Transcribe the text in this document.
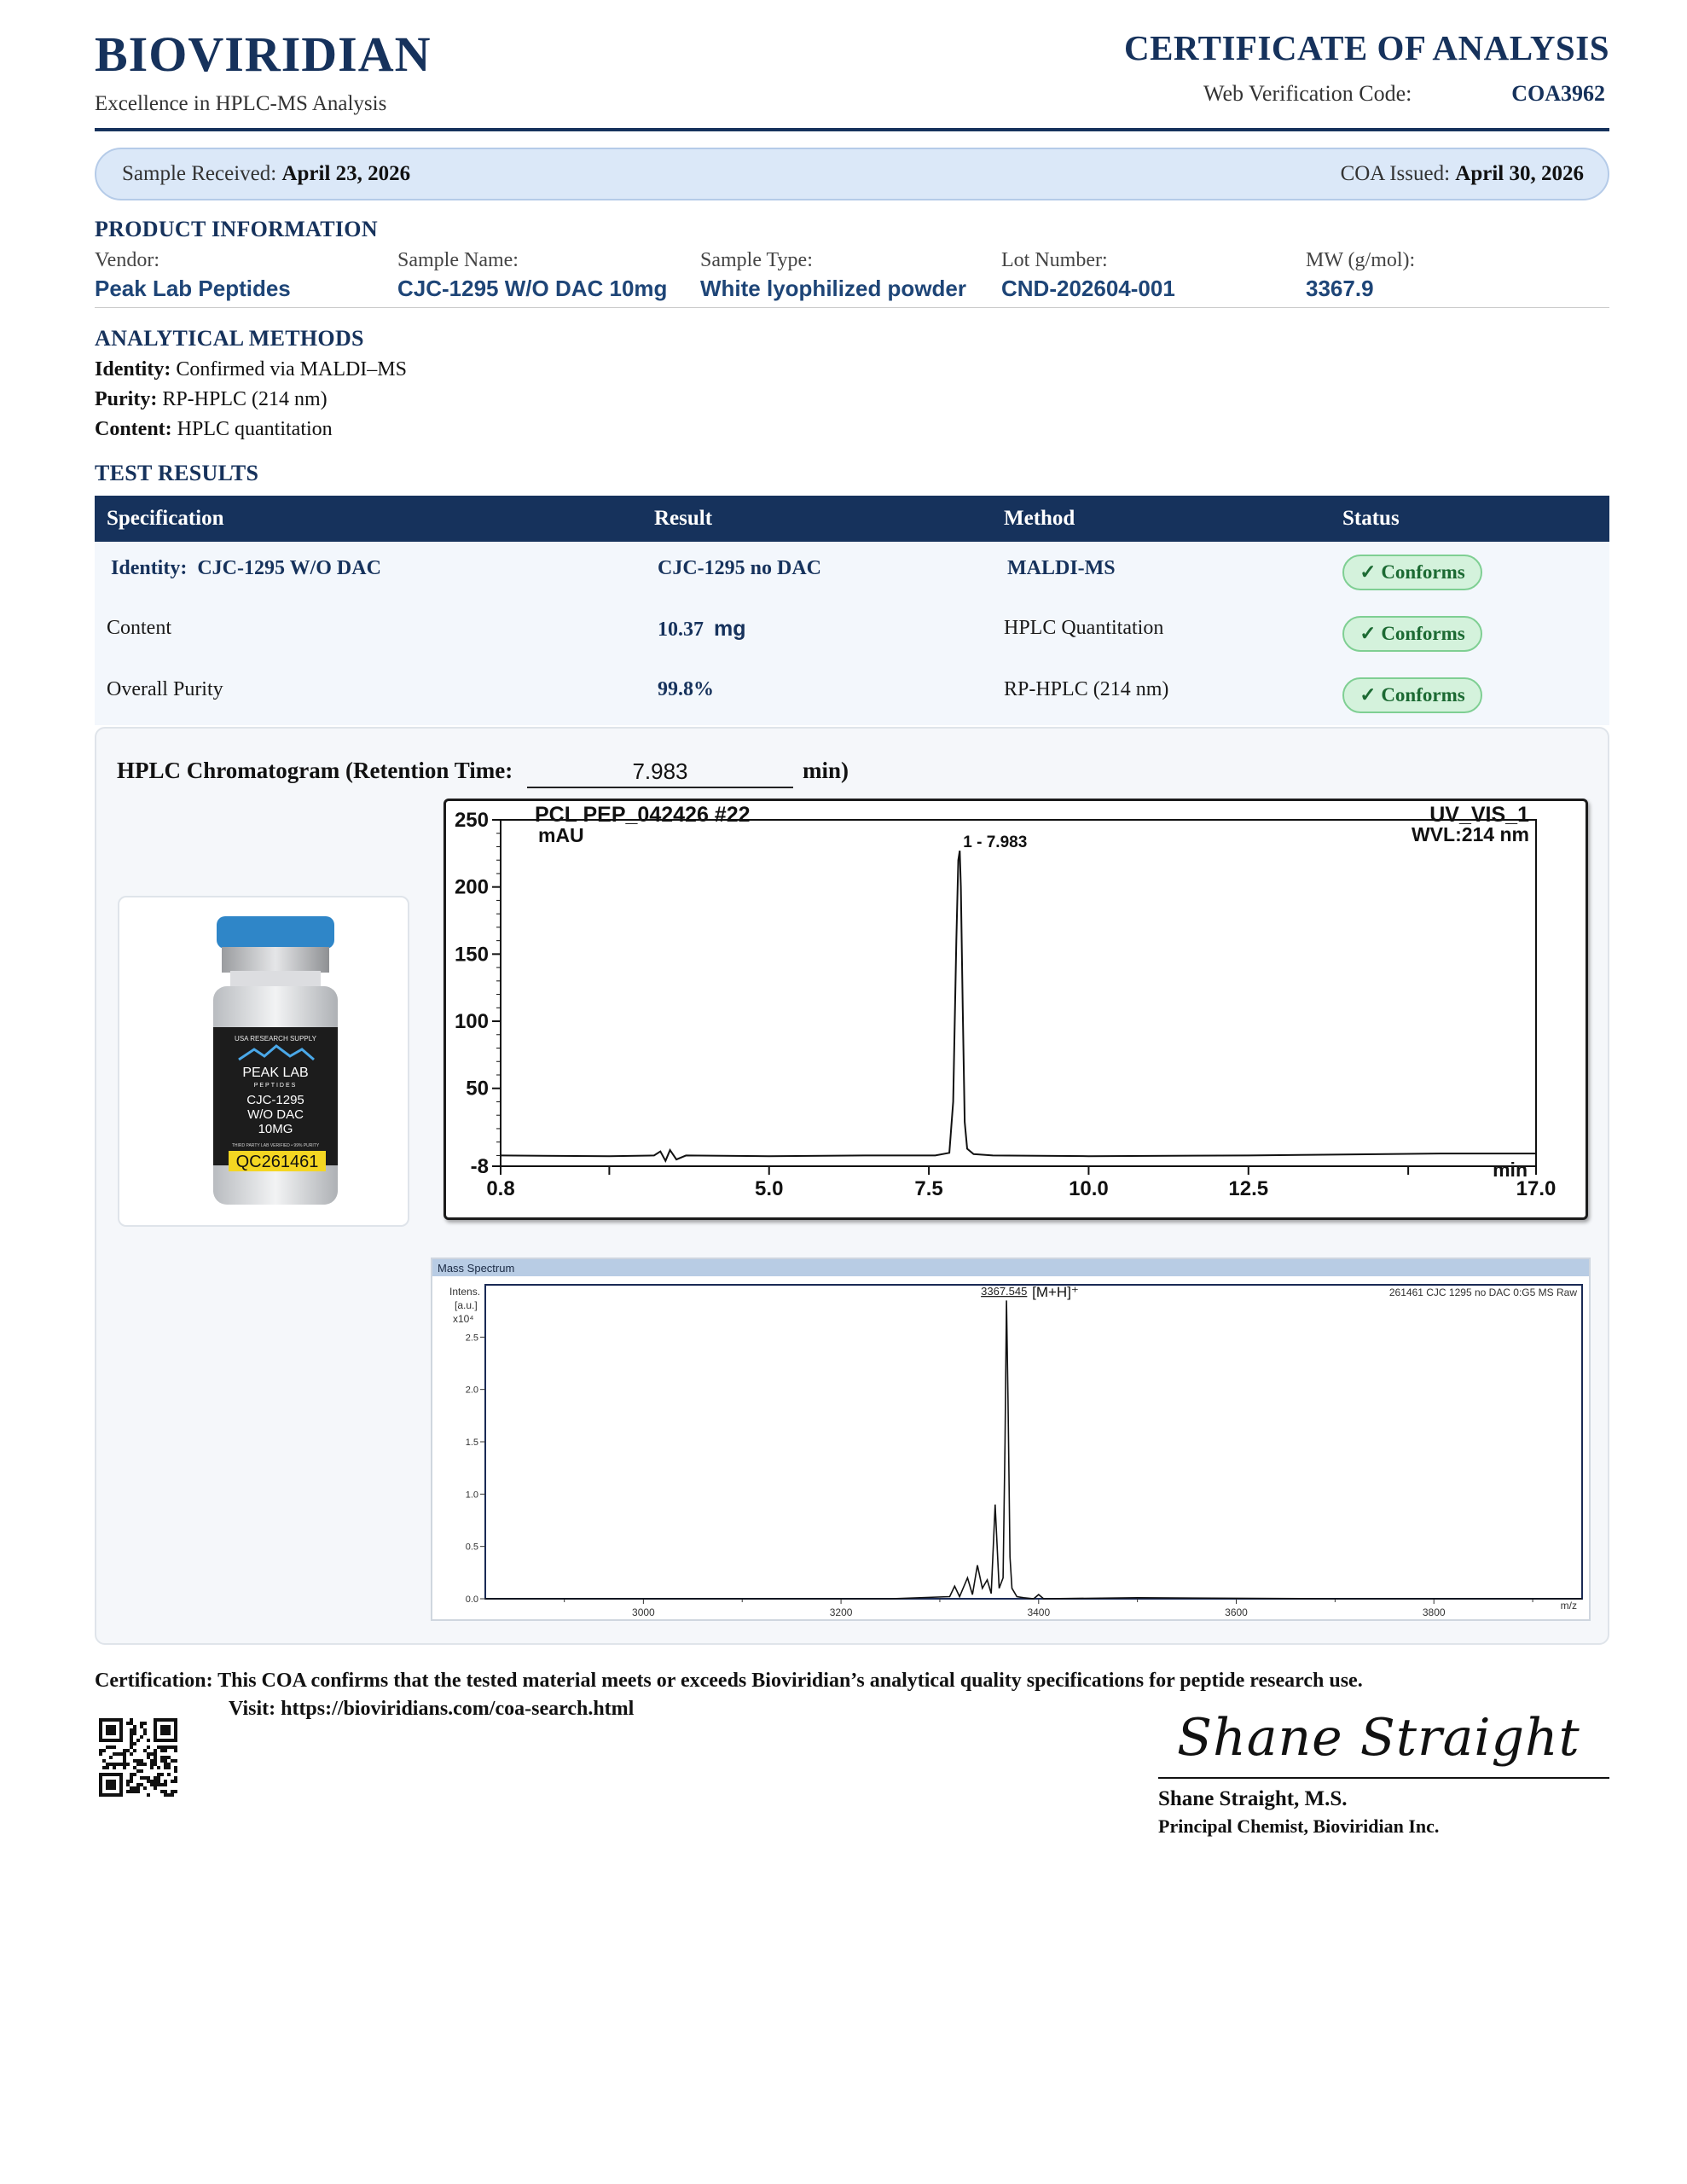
BIOVIRIDIAN
Excellence in HPLC-MS Analysis
CERTIFICATE OF ANALYSIS
Web Verification Code:	COA3962
Sample Received: April 23, 2026	COA Issued: April 30, 2026
PRODUCT INFORMATION
Vendor:
Peak Lab Peptides
Sample Name:
CJC-1295 W/O DAC 10mg
Sample Type:
White lyophilized powder
Lot Number:
CND-202604-001
MW (g/mol):
3367.9
ANALYTICAL METHODS
Identity: Confirmed via MALDI–MS
Purity: RP-HPLC (214 nm)
Content: HPLC quantitation
TEST RESULTS
Specification	Result	Method	Status
Identity: CJC-1295 W/O DAC	CJC-1295 no DAC	MALDI-MS	✓ Conforms
Content	10.37 mg	HPLC Quantitation	✓ Conforms
Overall Purity	99.8%	RP-HPLC (214 nm)	✓ Conforms
HPLC Chromatogram (Retention Time:	7.983	min)
USA RESEARCH SUPPLY
PEAK LAB
PEPTIDES
CJC-1295
W/O DAC
10MG
THIRD PARTY LAB VERIFIED • 99% PURITY
QC261461
PCL PEP_042426 #22	UV_VIS_1
WVL:214 nm
mAU
min
250
200
150
100
50
-8
0.8	5.0	7.5	10.0	12.5	17.0
1 - 7.983
Mass Spectrum
Intens.
[a.u.]
x10⁴
261461 CJC 1295 no DAC 0:G5 MS Raw
m/z
2.5
2.0
1.5
1.0
0.5
0.0
3000	3200	3400	3600	3800
3367.545 [M+H]⁺
Certification: This COA confirms that the tested material meets or exceeds Bioviridian’s analytical quality specifications for peptide research use.
Visit: https://bioviridians.com/coa-search.html	Shane Straight
Shane Straight, M.S.
Principal Chemist, Bioviridian Inc.
